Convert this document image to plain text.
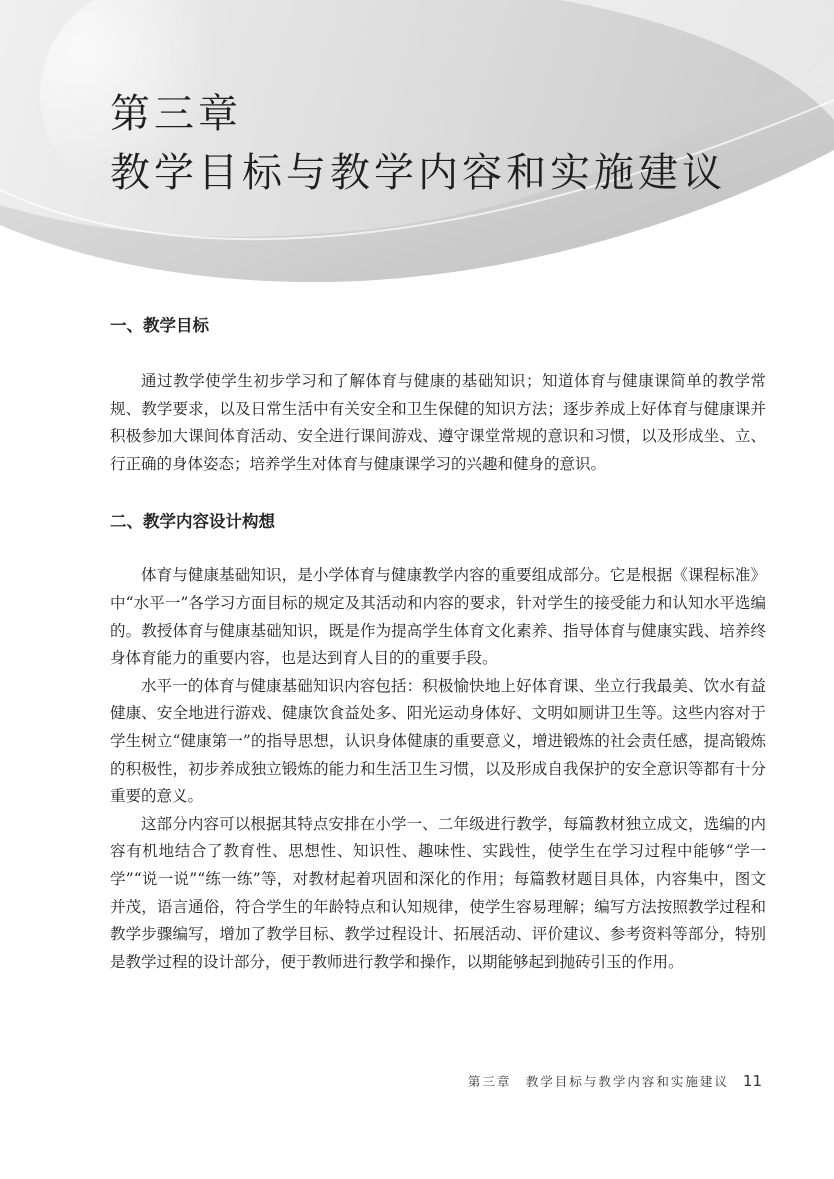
第三章
教学目标与教学内容和实施建议
一、教学目标

通过教学使学生初步学习和了解体育与健康的基础知识；知道体育与健康课简单的教学常规、教学要求，以及日常生活中有关安全和卫生保健的知识方法；逐步养成上好体育与健康课并积极参加大课间体育活动、安全进行课间游戏、遵守课堂常规的意识和习惯，以及形成坐、立、行正确的身体姿态；培养学生对体育与健康课学习的兴趣和健身的意识。

二、教学内容设计构想

体育与健康基础知识，是小学体育与健康教学内容的重要组成部分。它是根据《课程标准》中“水平一”各学习方面目标的规定及其活动和内容的要求，针对学生的接受能力和认知水平选编的。教授体育与健康基础知识，既是作为提高学生体育文化素养、指导体育与健康实践、培养终身体育能力的重要内容，也是达到育人目的的重要手段。

水平一的体育与健康基础知识内容包括：积极愉快地上好体育课、坐立行我最美、饮水有益健康、安全地进行游戏、健康饮食益处多、阳光运动身体好、文明如厕讲卫生等。这些内容对于学生树立“健康第一”的指导思想，认识身体健康的重要意义，增进锻炼的社会责任感，提高锻炼的积极性，初步养成独立锻炼的能力和生活卫生习惯，以及形成自我保护的安全意识等都有十分重要的意义。

这部分内容可以根据其特点安排在小学一、二年级进行教学，每篇教材独立成文，选编的内容有机地结合了教育性、思想性、知识性、趣味性、实践性，使学生在学习过程中能够“学一学”“说一说”“练一练”等，对教材起着巩固和深化的作用；每篇教材题目具体，内容集中，图文并茂，语言通俗，符合学生的年龄特点和认知规律，使学生容易理解；编写方法按照教学过程和教学步骤编写，增加了教学目标、教学过程设计、拓展活动、评价建议、参考资料等部分，特别是教学过程的设计部分，便于教师进行教学和操作，以期能够起到抛砖引玉的作用。

第三章　教学目标与教学内容和实施建议 11
